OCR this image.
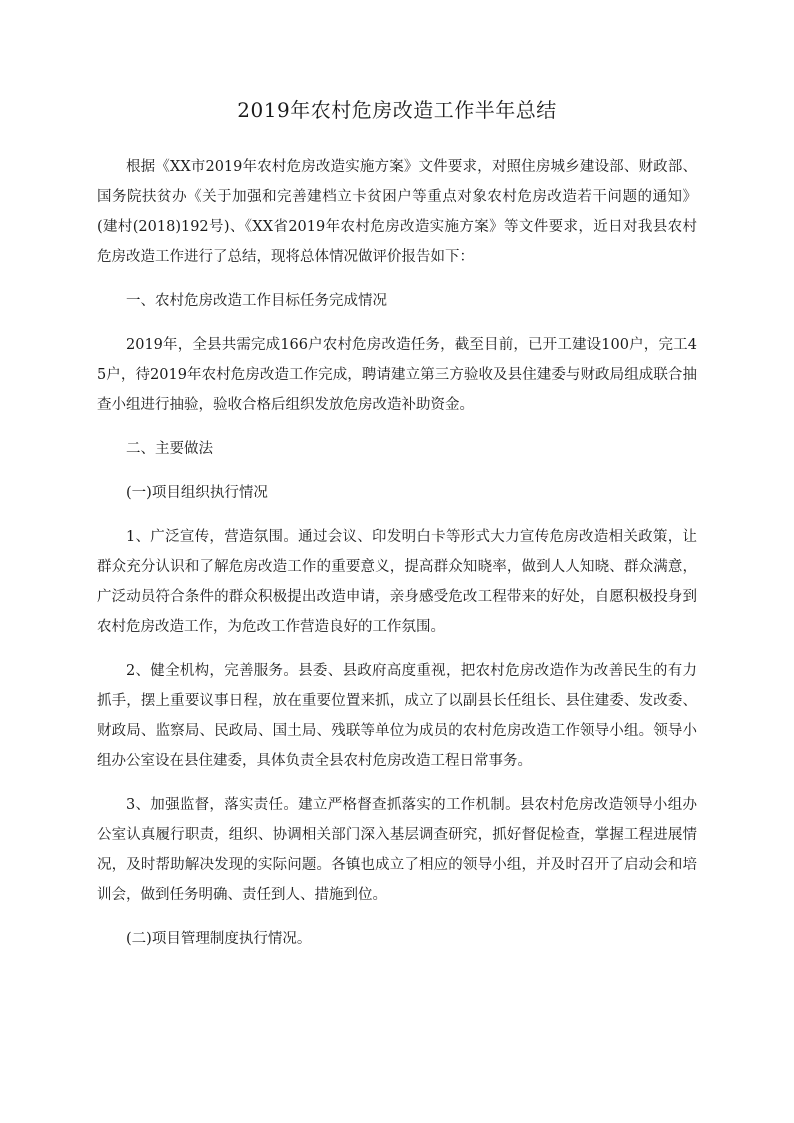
2019年农村危房改造工作半年总结

根据《XX市2019年农村危房改造实施方案》文件要求，对照住房城乡建设部、财政部、国务院扶贫办《关于加强和完善建档立卡贫困户等重点对象农村危房改造若干问题的通知》(建村(2018)192号)、《XX省2019年农村危房改造实施方案》等文件要求，近日对我县农村危房改造工作进行了总结，现将总体情况做评价报告如下：

一、农村危房改造工作目标任务完成情况

2019年，全县共需完成166户农村危房改造任务，截至目前，已开工建设100户，完工45户，待2019年农村危房改造工作完成，聘请建立第三方验收及县住建委与财政局组成联合抽查小组进行抽验，验收合格后组织发放危房改造补助资金。

二、主要做法

(一)项目组织执行情况

1、广泛宣传，营造氛围。通过会议、印发明白卡等形式大力宣传危房改造相关政策，让群众充分认识和了解危房改造工作的重要意义，提高群众知晓率，做到人人知晓、群众满意，广泛动员符合条件的群众积极提出改造申请，亲身感受危改工程带来的好处，自愿积极投身到农村危房改造工作，为危改工作营造良好的工作氛围。

2、健全机构，完善服务。县委、县政府高度重视，把农村危房改造作为改善民生的有力抓手，摆上重要议事日程，放在重要位置来抓，成立了以副县长任组长、县住建委、发改委、财政局、监察局、民政局、国土局、残联等单位为成员的农村危房改造工作领导小组。领导小组办公室设在县住建委，具体负责全县农村危房改造工程日常事务。

3、加强监督，落实责任。建立严格督查抓落实的工作机制。县农村危房改造领导小组办公室认真履行职责，组织、协调相关部门深入基层调查研究，抓好督促检查，掌握工程进展情况，及时帮助解决发现的实际问题。各镇也成立了相应的领导小组，并及时召开了启动会和培训会，做到任务明确、责任到人、措施到位。

(二)项目管理制度执行情况。
